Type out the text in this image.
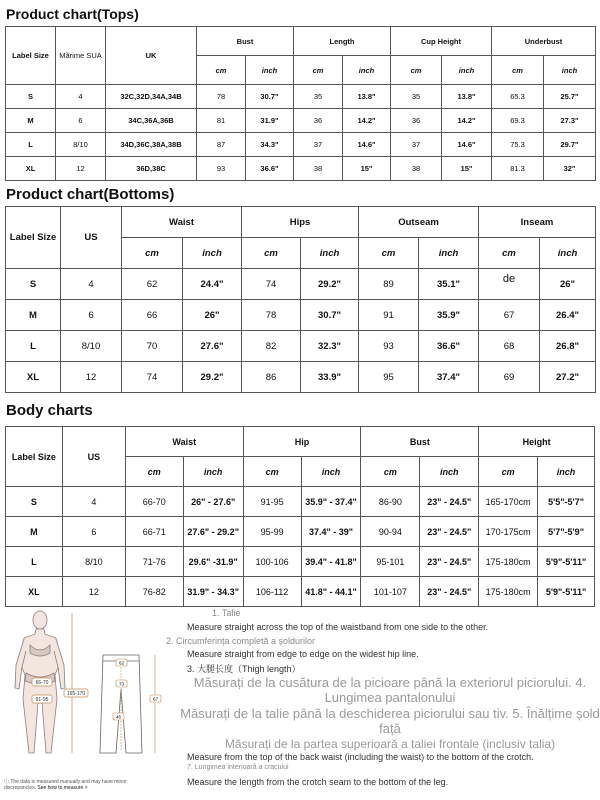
Product chart(Tops)
Label Size	Mărime SUA	UK	Bust		Length		Cup Height		Underbust	
			cm	inch	cm	inch	cm	inch	cm	inch
S	4	32C,32D,34A,34B	78	30.7"	35	13.8"	35	13.8"	65.3	25.7"
M	6	34C,36A,36B	81	31.9"	36	14.2"	36	14.2"	69.3	27.3"
L	8/10	34D,36C,38A,38B	87	34.3"	37	14.6"	37	14.6"	75.3	29.7"
XL	12	36D,38C	93	36.6"	38	15"	38	15"	81.3	32"
Product chart(Bottoms)
Label Size	US	Waist		Hips		Outseam		Inseam	
		cm	inch	cm	inch	cm	inch	cm	inch
S	4	62	24.4"	74	29.2"	89	35.1"	de	26"
M	6	66	26"	78	30.7"	91	35.9"	67	26.4"
L	8/10	70	27.6"	82	32.3"	93	36.6"	68	26.8"
XL	12	74	29.2"	86	33.9"	95	37.4"	69	27.2"
Body charts
Label Size	US	Waist		Hip		Bust		Height	
		cm	inch	cm	inch	cm	inch	cm	inch
S	4	66-70	26" - 27.6"	91-95	35.9" - 37.4"	86-90	23" - 24.5"	165-170cm	5'5"-5'7"
M	6	66-71	27.6" - 29.2"	95-99	37.4" - 39"	90-94	23" - 24.5"	170-175cm	5'7"-5'9"
L	8/10	71-76	29.6" -31.9"	100-106	39.4" - 41.8"	95-101	23" - 24.5"	175-180cm	5'9"-5'11"
XL	12	76-82	31.9" - 34.3"	106-112	41.8" - 44.1"	101-107	23" - 24.5"	175-180cm	5'9"-5'11"
66-70
91-95
165-170
62
73
46
67
ⓘ The data is measured manually and may have minor
discrepancies. See how to measure >
1. Talie
Measure straight across the top of the waistband from one side to the other.
2. Circumferința completă a șoldurilor
Measure straight from edge to edge on the widest hip line.
3. 大腿长度（Thigh length）
Măsurați de la cusătura de la picioare până la exteriorul piciorului. 4. Lungimea pantalonului
Măsurați de la talie până la deschiderea piciorului sau tiv. 5. Înălțime șold față
Măsurați de la partea superioară a taliei frontale (inclusiv talia)
Measure from the top of the back waist (including the waist) to the bottom of the crotch.
7. Lungimea interioară a cracului
Measure the length from the crotch seam to the bottom of the leg.
